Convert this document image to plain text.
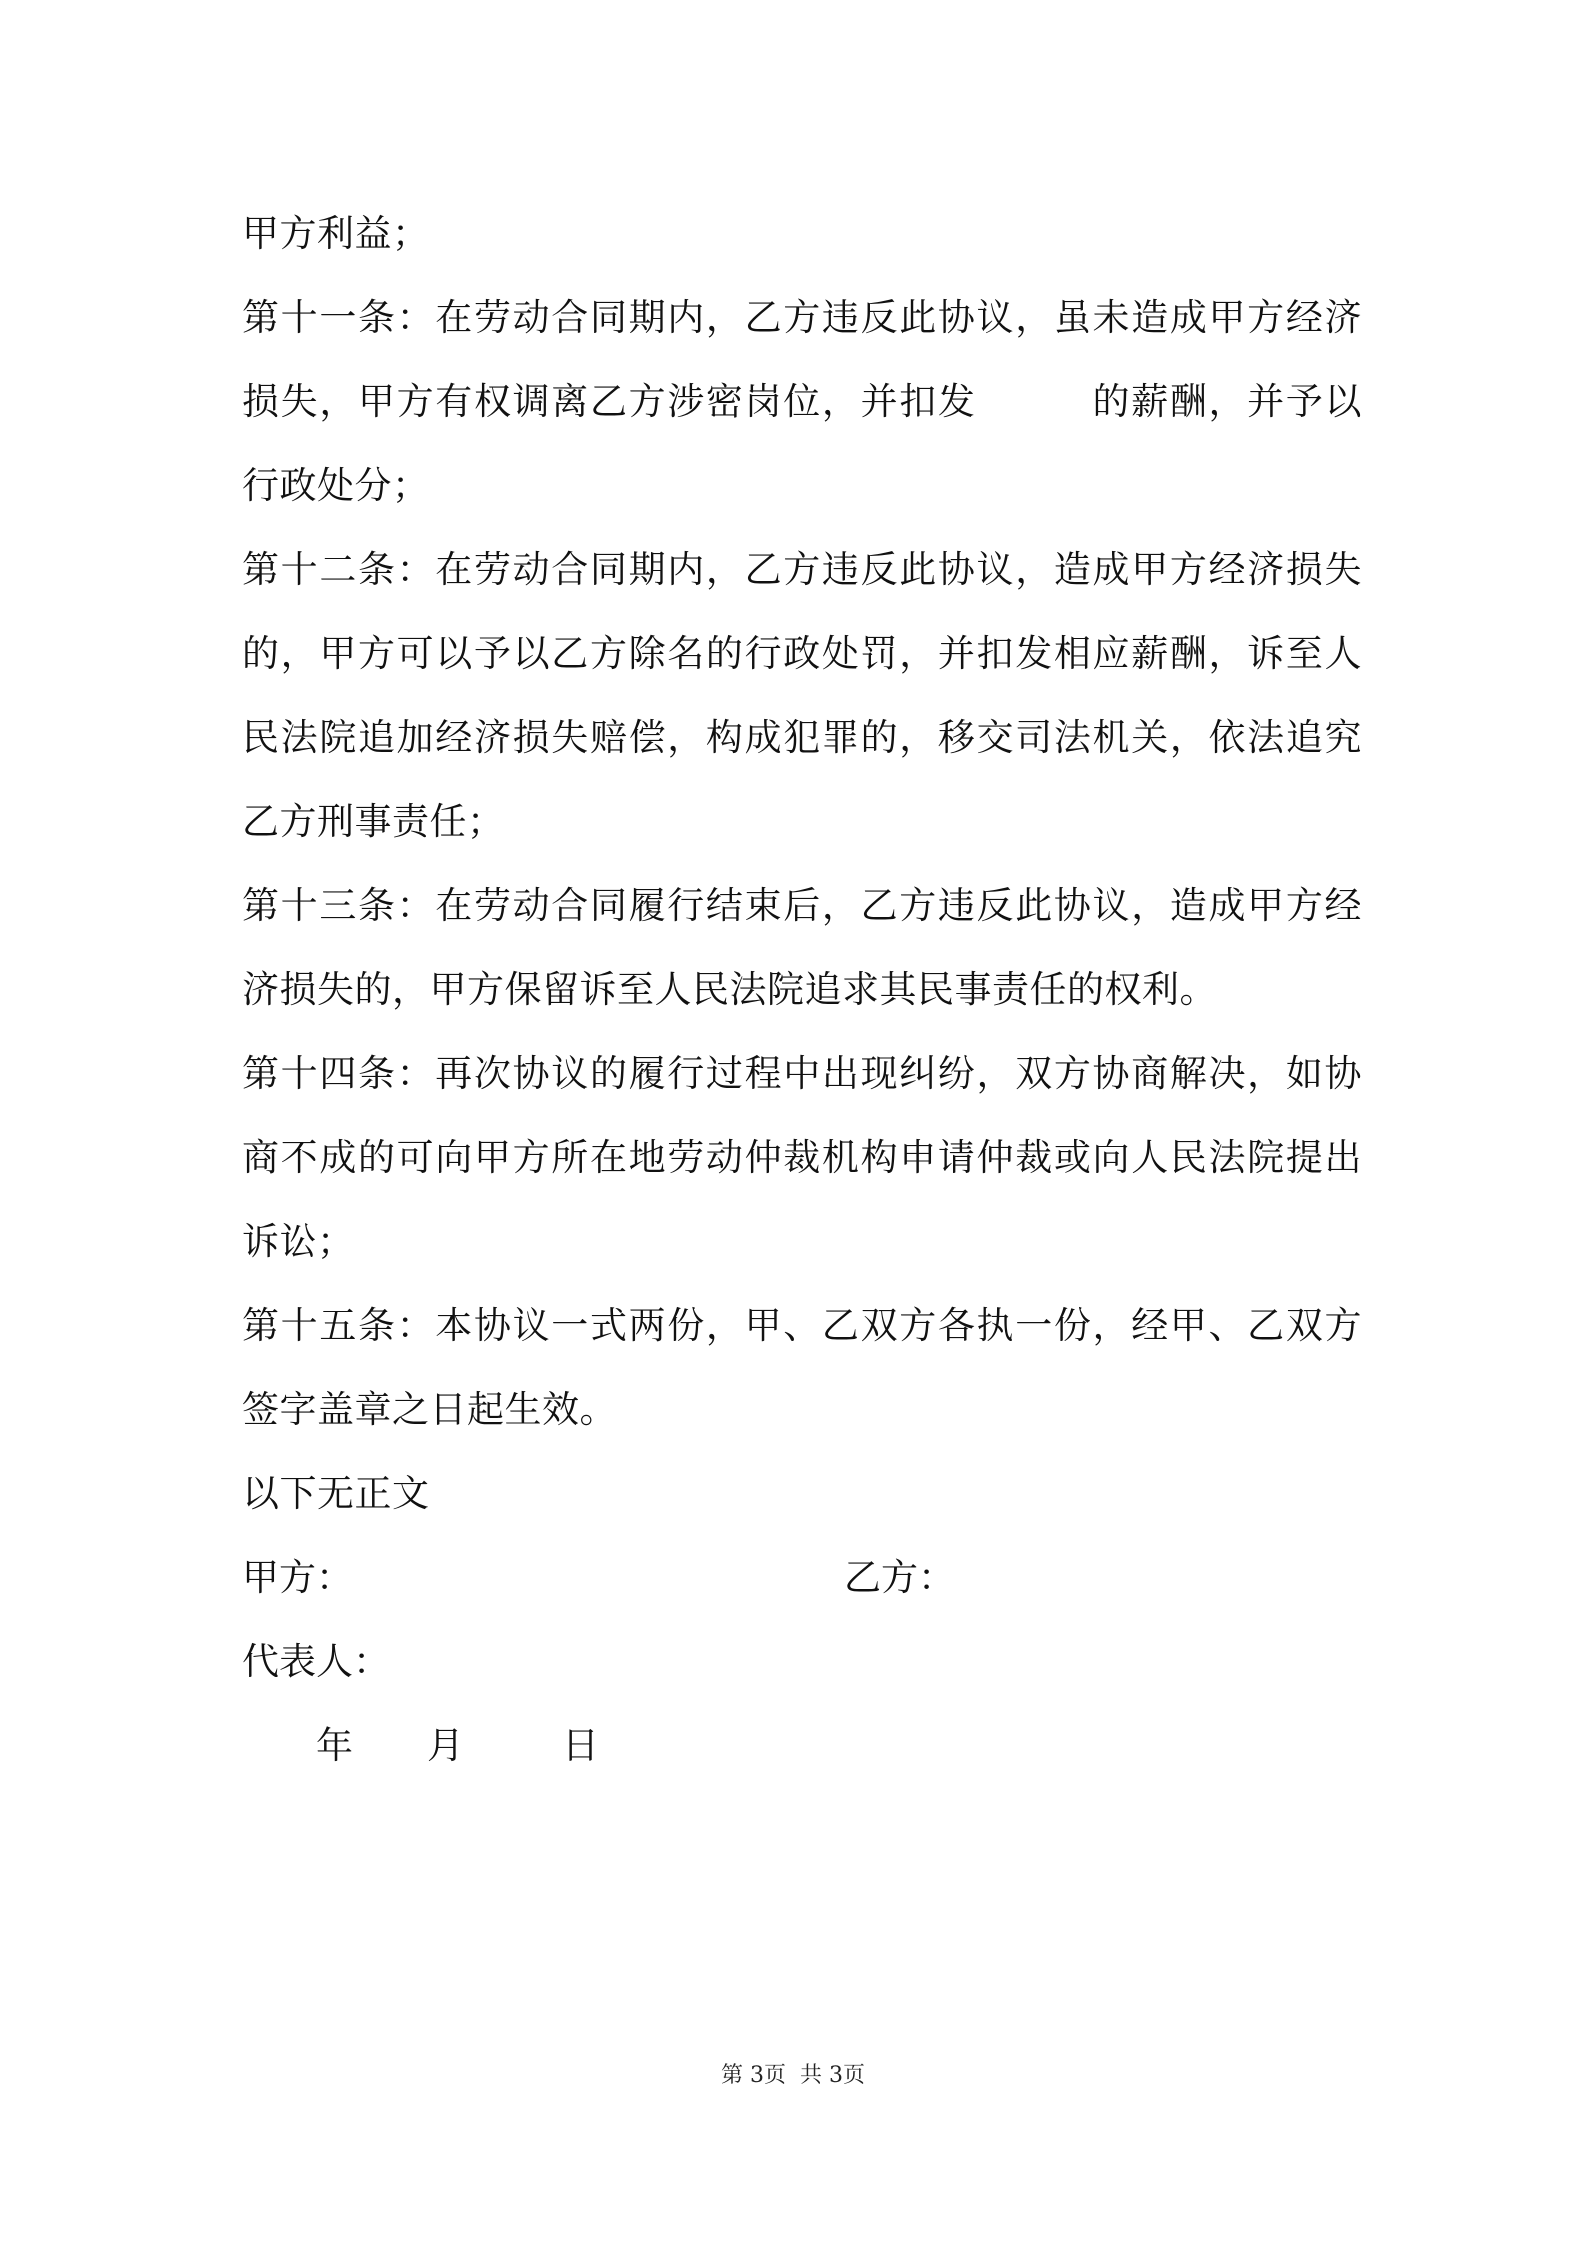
甲方利益；

第十一条：在劳动合同期内，乙方违反此协议，虽未造成甲方经济损失，甲方有权调离乙方涉密岗位，并扣发　　　的薪酬，并予以行政处分；

第十二条：在劳动合同期内，乙方违反此协议，造成甲方经济损失的，甲方可以予以乙方除名的行政处罚，并扣发相应薪酬，诉至人民法院追加经济损失赔偿，构成犯罪的，移交司法机关，依法追究乙方刑事责任；

第十三条：在劳动合同履行结束后，乙方违反此协议，造成甲方经济损失的，甲方保留诉至人民法院追求其民事责任的权利。

第十四条：再次协议的履行过程中出现纠纷，双方协商解决，如协商不成的可向甲方所在地劳动仲裁机构申请仲裁或向人民法院提出诉讼；

第十五条：本协议一式两份，甲、乙双方各执一份，经甲、乙双方签字盖章之日起生效。

以下无正文

甲方：	乙方：
代表人：
年 月	日
第 3页 共 3页
